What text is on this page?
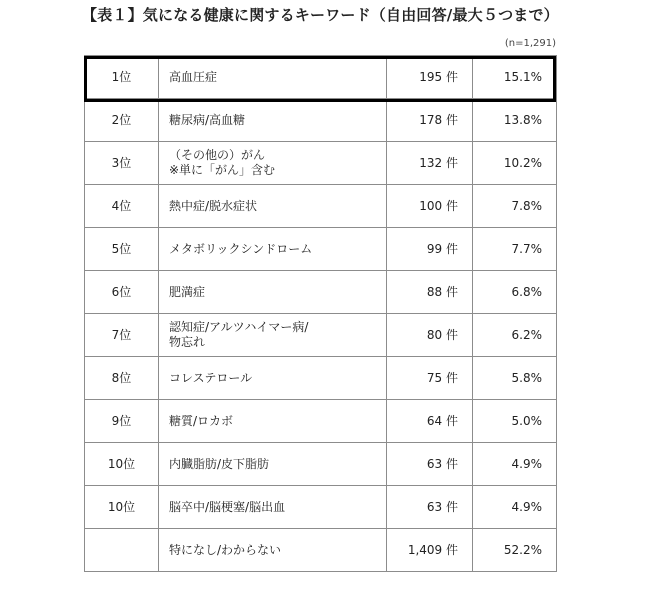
【表１】気になる健康に関するキーワード（自由回答/最大５つまで）
(n=1,291)
1位	高血圧症	195 件	15.1%
2位	糖尿病/高血糖	178 件	13.8%
3位	（その他の）がん
※単に「がん」含む	132 件	10.2%
4位	熱中症/脱水症状	100 件	7.8%
5位	メタボリックシンドローム	99 件	7.7%
6位	肥満症	88 件	6.8%
7位	認知症/アルツハイマー病/
物忘れ	80 件	6.2%
8位	コレステロール	75 件	5.8%
9位	糖質/ロカボ	64 件	5.0%
10位	内臓脂肪/皮下脂肪	63 件	4.9%
10位	脳卒中/脳梗塞/脳出血	63 件	4.9%

	特になし/わからない	1,409 件	52.2%
